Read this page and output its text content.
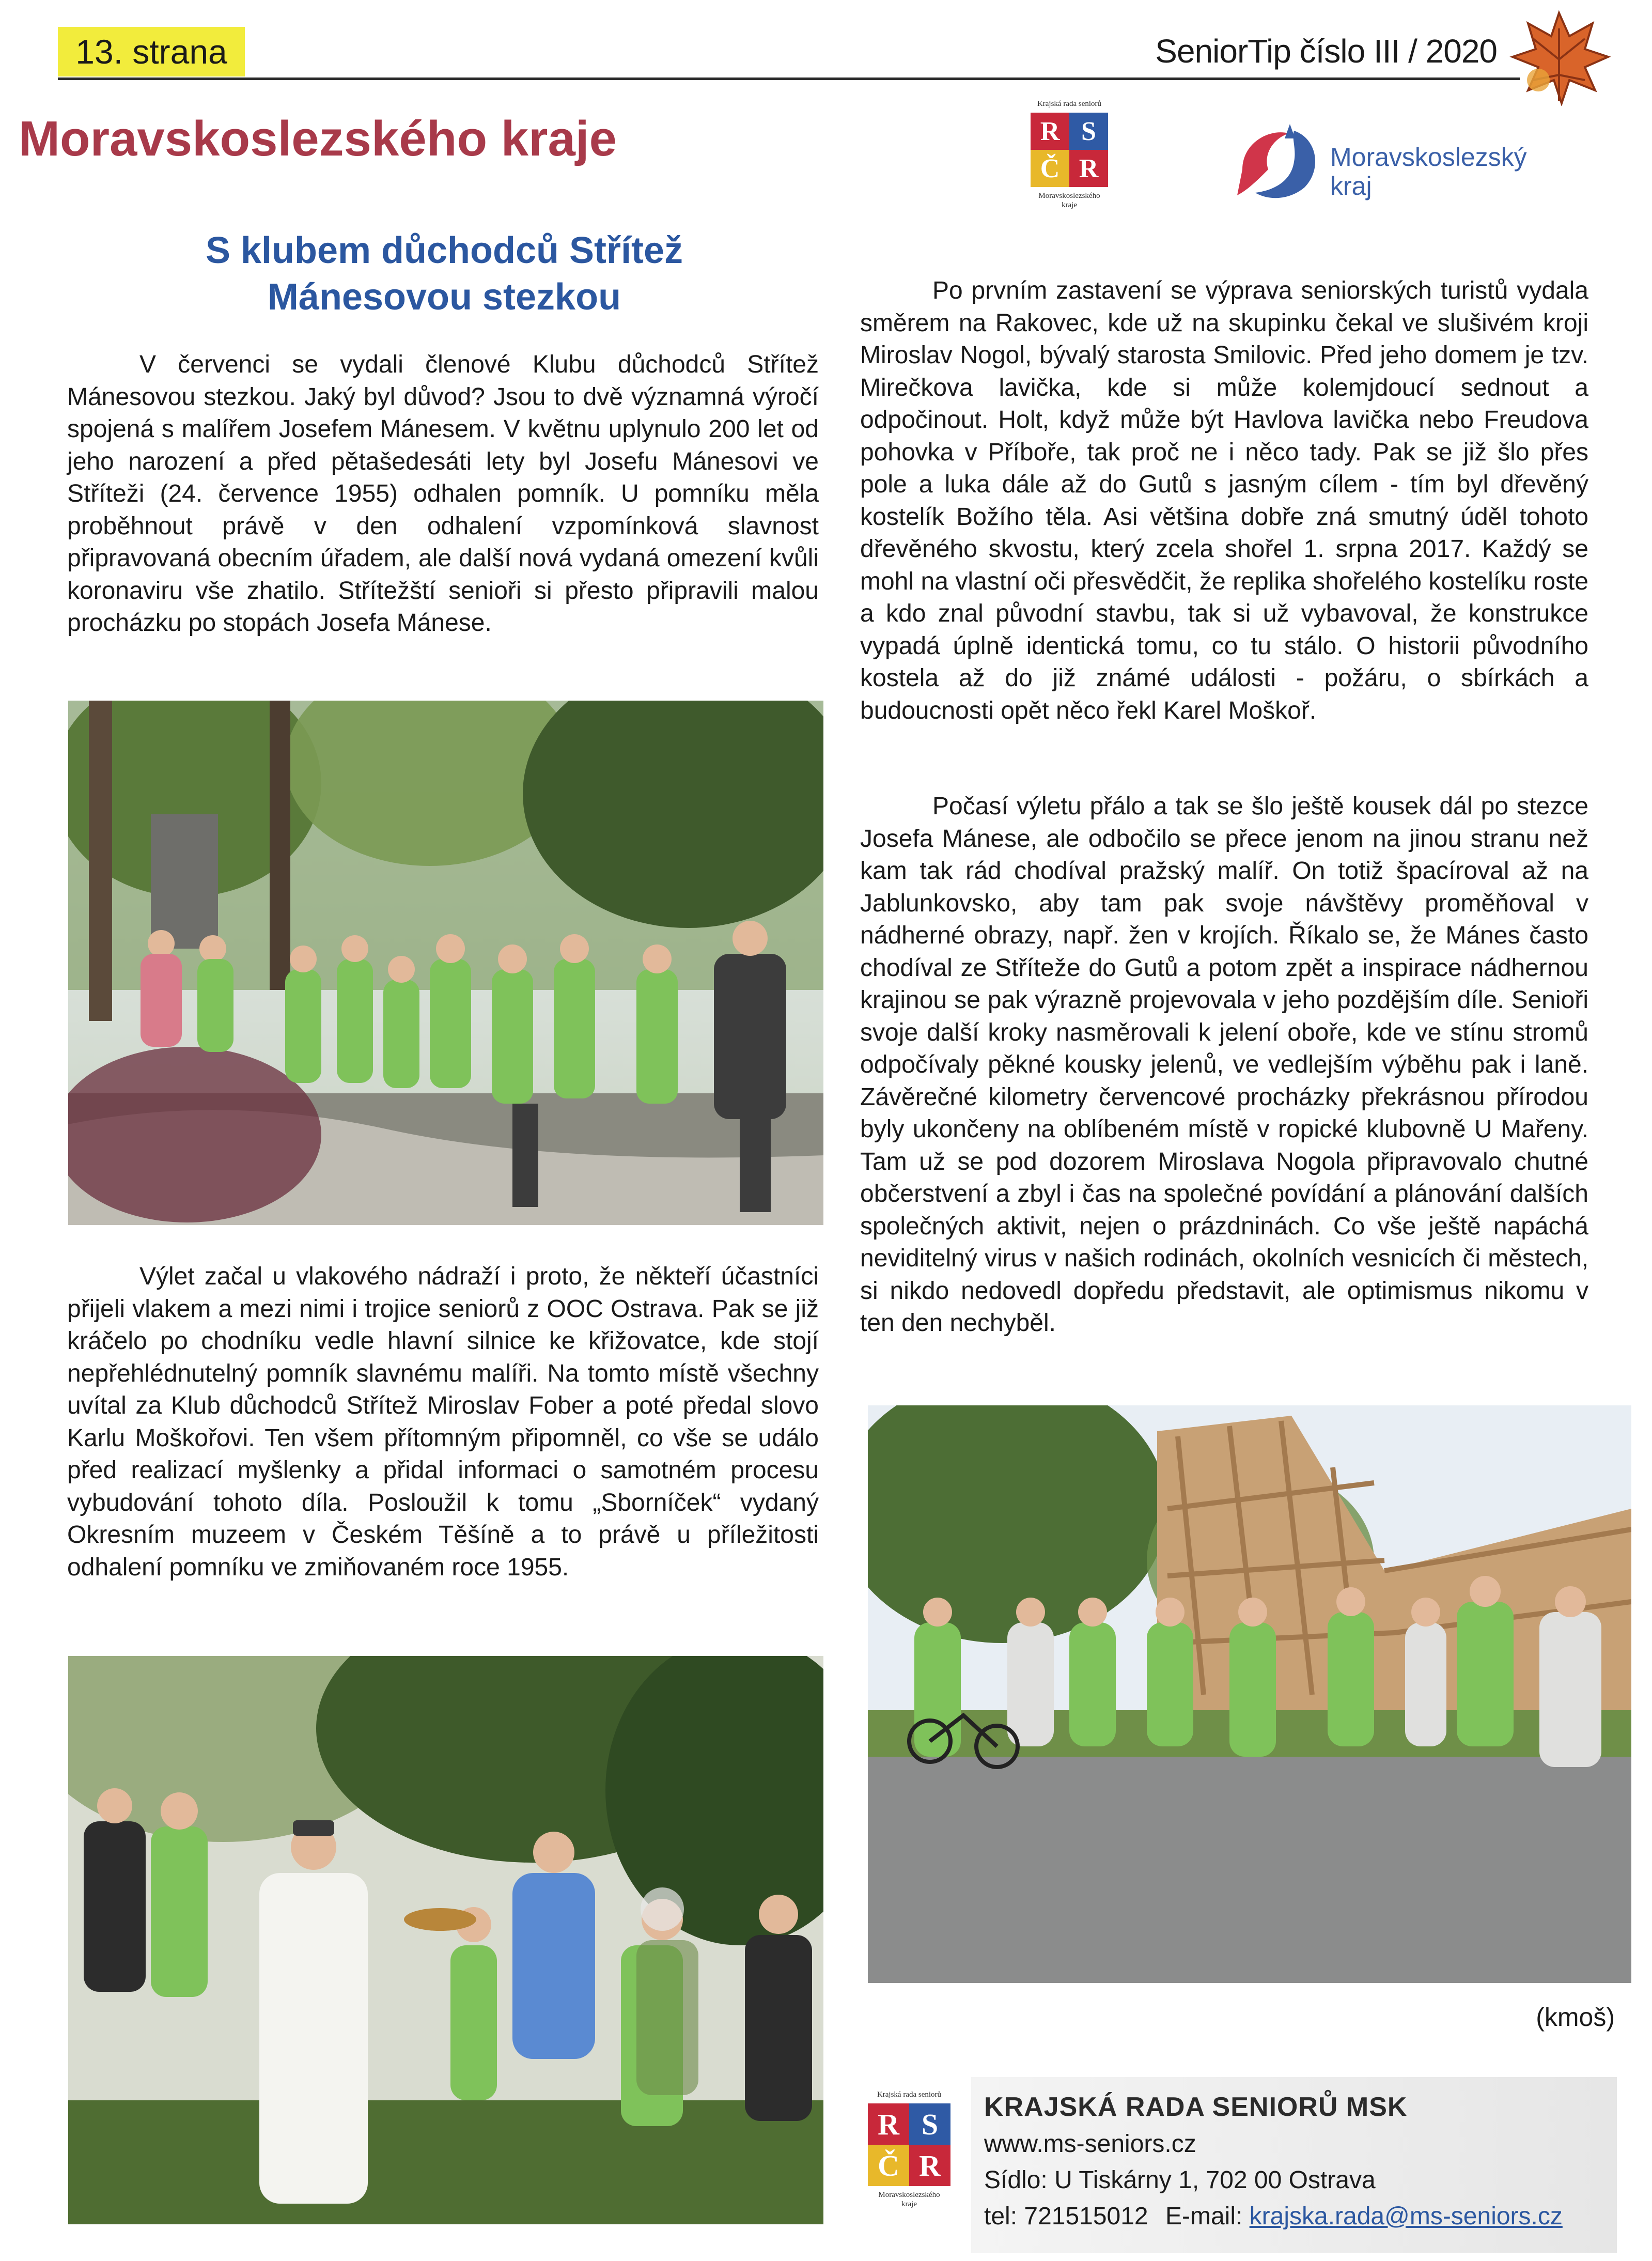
13. strana	SeniorTip číslo III / 2020
Moravskoslezského kraje
Krajská rada seniorů
R S
Č R
Moravskoslezského kraje
Moravskoslezský
kraj
S klubem důchodců Střítež
Mánesovou stezkou
V červenci se vydali členové Klubu důchodců Střítež Mánesovou stezkou. Jaký byl důvod? Jsou to dvě významná výročí spojená s malířem Josefem Mánesem. V květnu uplynulo 200 let od jeho narození a před pětašedesáti lety byl Josefu Mánesovi ve Stříteži (24. července 1955) odhalen pomník. U pomníku měla proběhnout právě v den odhalení vzpomínková slavnost připravovaná obecním úřadem, ale další nová vydaná omezení kvůli koronaviru vše zhatilo. Střítežští senioři si přesto připravili malou procházku po stopách Josefa Mánese.
Výlet začal u vlakového nádraží i proto, že někteří účastníci přijeli vlakem a mezi nimi i trojice seniorů z OOC Ostrava. Pak se již kráčelo po chodníku vedle hlavní silnice ke křižovatce, kde stojí nepřehlédnutelný pomník slavnému malíři. Na tomto místě všechny uvítal za Klub důchodců Střítež Miroslav Fober a poté předal slovo Karlu Moškořovi. Ten všem přítomným připomněl, co vše se událo před realizací myšlenky a přidal informaci o samotném procesu vybudování tohoto díla. Posloužil k tomu „Sborníček“ vydaný Okresním muzeem v Českém Těšíně a to právě u příležitosti odhalení pomníku ve zmiňovaném roce 1955.
Po prvním zastavení se výprava seniorských turistů vydala směrem na Rakovec, kde už na skupinku čekal ve slušivém kroji Miroslav Nogol, bývalý starosta Smilovic. Před jeho domem je tzv. Mirečkova lavička, kde si může kolemjdoucí sednout a odpočinout. Holt, když může být Havlova lavička nebo Freudova pohovka v Příboře, tak proč ne i něco tady. Pak se již šlo přes pole a luka dále až do Gutů s jasným cílem - tím byl dřevěný kostelík Božího těla. Asi většina dobře zná smutný úděl tohoto dřevěného skvostu, který zcela shořel 1. srpna 2017. Každý se mohl na vlastní oči přesvědčit, že replika shořelého kostelíku roste a kdo znal původní stavbu, tak si už vybavoval, že konstrukce vypadá úplně identická tomu, co tu stálo. O historii původního kostela až do již známé události - požáru, o sbírkách a budoucnosti opět něco řekl Karel Moškoř.
Počasí výletu přálo a tak se šlo ještě kousek dál po stezce Josefa Mánese, ale odbočilo se přece jenom na jinou stranu než kam tak rád chodíval pražský malíř. On totiž špacíroval až na Jablunkovsko, aby tam pak svoje návštěvy proměňoval v nádherné obrazy, např. žen v krojích. Říkalo se, že Mánes často chodíval ze Stříteže do Gutů a potom zpět a inspirace nádhernou krajinou se pak výrazně projevovala v jeho pozdějším díle. Senioři svoje další kroky nasměrovali k jelení oboře, kde ve stínu stromů odpočívaly pěkné kousky jelenů, ve vedlejším výběhu pak i laně. Závěrečné kilometry červencové procházky překrásnou přírodou byly ukončeny na oblíbeném místě v ropické klubovně U Mařeny. Tam už se pod dozorem Miroslava Nogola připravovalo chutné občerstvení a zbyl i čas na společné povídání a plánování dalších společných aktivit, nejen o prázdninách. Co vše ještě napáchá neviditelný virus v našich rodinách, okolních vesnicích či městech, si nikdo nedovedl dopředu představit, ale optimismus nikomu v ten den nechyběl.
(kmoš)
Krajská rada seniorů
R S
Č R
Moravskoslezského kraje
KRAJSKÁ RADA SENIORŮ MSK
www.ms-seniors.cz
Sídlo: U Tiskárny 1, 702 00 Ostrava
tel: 721515012 E-mail: krajska.rada@ms-seniors.cz
